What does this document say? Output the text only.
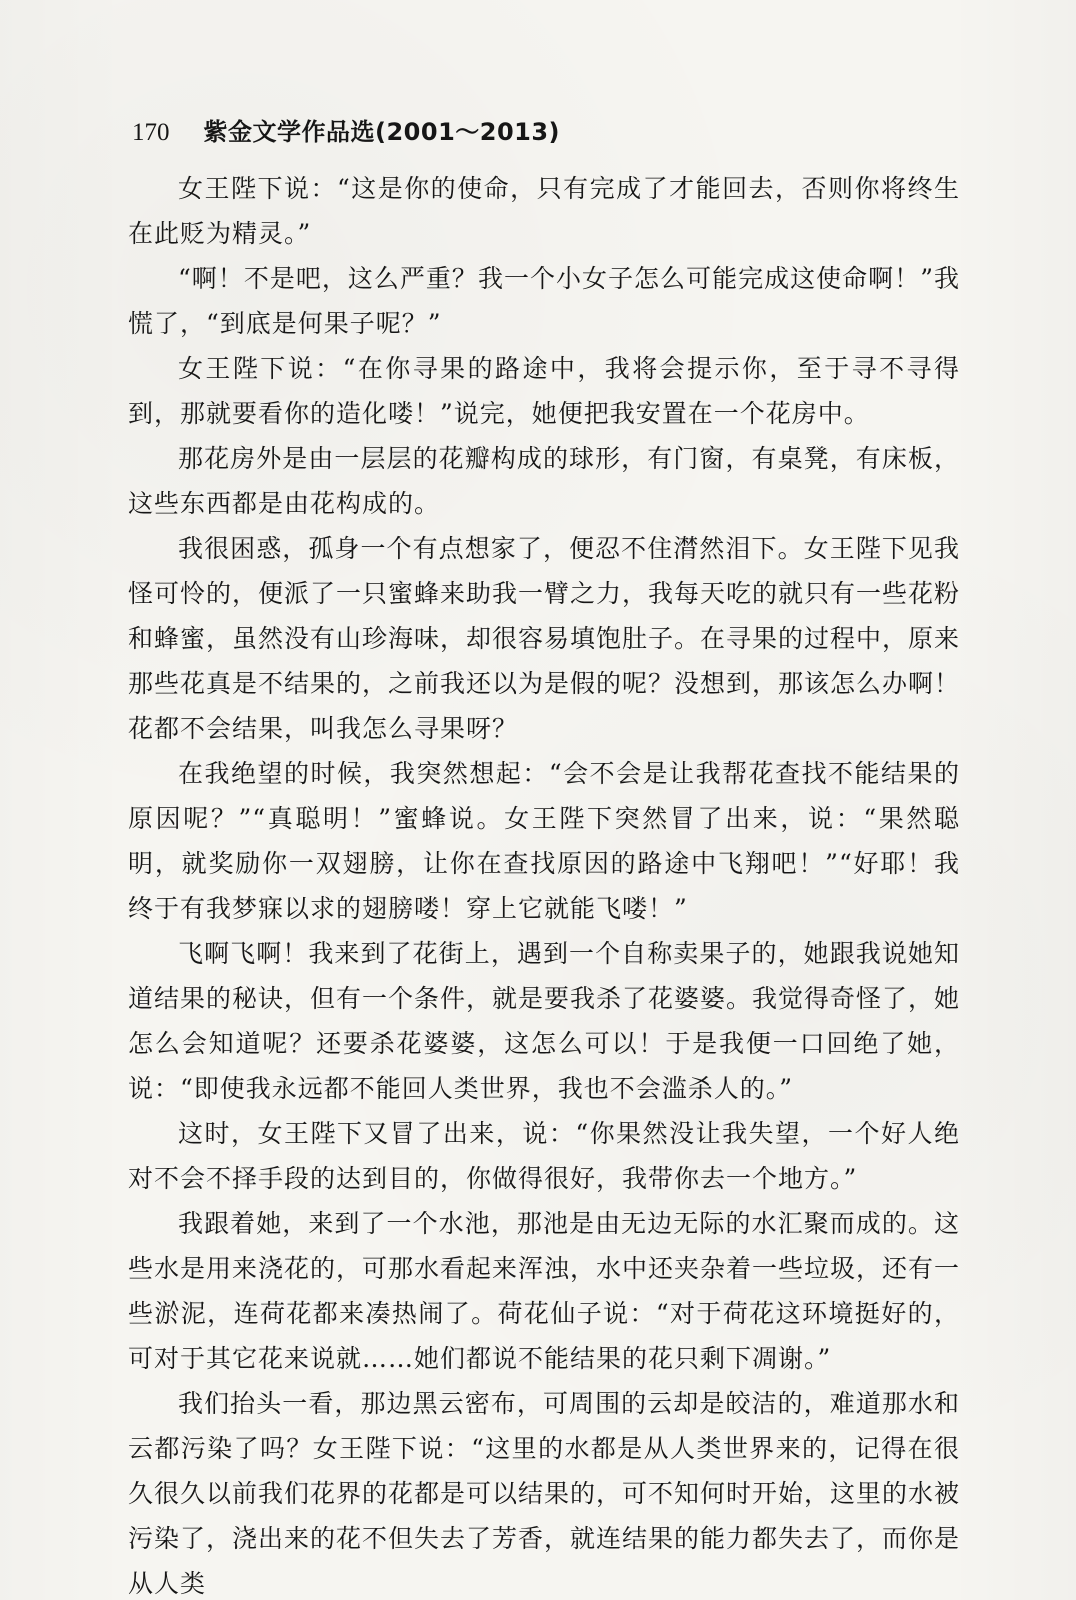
170 紫金文学作品选(2001～2013)

女王陛下说：“这是你的使命，只有完成了才能回去，否则你将终生在此贬为精灵。”

“啊！不是吧，这么严重？我一个小女子怎么可能完成这使命啊！”我慌了，“到底是何果子呢？”

女王陛下说：“在你寻果的路途中，我将会提示你，至于寻不寻得到，那就要看你的造化喽！”说完，她便把我安置在一个花房中。

那花房外是由一层层的花瓣构成的球形，有门窗，有桌凳，有床板，这些东西都是由花构成的。

我很困惑，孤身一个有点想家了，便忍不住潸然泪下。女王陛下见我怪可怜的，便派了一只蜜蜂来助我一臂之力，我每天吃的就只有一些花粉和蜂蜜，虽然没有山珍海味，却很容易填饱肚子。在寻果的过程中，原来那些花真是不结果的，之前我还以为是假的呢？没想到，那该怎么办啊！花都不会结果，叫我怎么寻果呀？

在我绝望的时候，我突然想起：“会不会是让我帮花查找不能结果的原因呢？”“真聪明！”蜜蜂说。女王陛下突然冒了出来，说：“果然聪明，就奖励你一双翅膀，让你在查找原因的路途中飞翔吧！”“好耶！我终于有我梦寐以求的翅膀喽！穿上它就能飞喽！”

飞啊飞啊！我来到了花街上，遇到一个自称卖果子的，她跟我说她知道结果的秘诀，但有一个条件，就是要我杀了花婆婆。我觉得奇怪了，她怎么会知道呢？还要杀花婆婆，这怎么可以！于是我便一口回绝了她，说：“即使我永远都不能回人类世界，我也不会滥杀人的。”

这时，女王陛下又冒了出来，说：“你果然没让我失望，一个好人绝对不会不择手段的达到目的，你做得很好，我带你去一个地方。”

我跟着她，来到了一个水池，那池是由无边无际的水汇聚而成的。这些水是用来浇花的，可那水看起来浑浊，水中还夹杂着一些垃圾，还有一些淤泥，连荷花都来凑热闹了。荷花仙子说：“对于荷花这环境挺好的，可对于其它花来说就……她们都说不能结果的花只剩下凋谢。”

我们抬头一看，那边黑云密布，可周围的云却是皎洁的，难道那水和云都污染了吗？女王陛下说：“这里的水都是从人类世界来的，记得在很久很久以前我们花界的花都是可以结果的，可不知何时开始，这里的水被污染了，浇出来的花不但失去了芳香，就连结果的能力都失去了，而你是从人类
